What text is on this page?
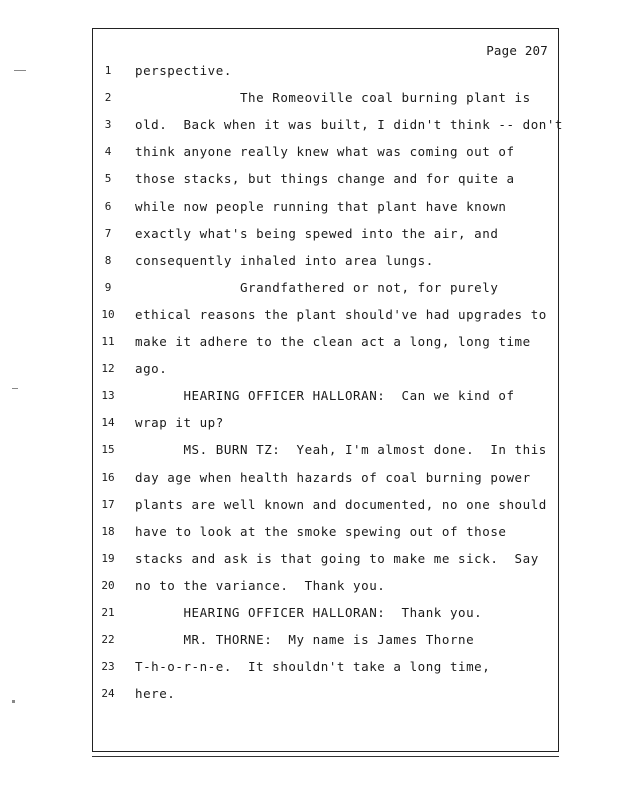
Page 207
1	perspective.
2	The Romeoville coal burning plant is
3	old.  Back when it was built, I didn't think -- don't
4	think anyone really knew what was coming out of
5	those stacks, but things change and for quite a
6	while now people running that plant have known
7	exactly what's being spewed into the air, and
8	consequently inhaled into area lungs.
9	Grandfathered or not, for purely
10	ethical reasons the plant should've had upgrades to
11	make it adhere to the clean act a long, long time
12	ago.
13	HEARING OFFICER HALLORAN:  Can we kind of
14	wrap it up?
15	MS. BURN TZ:  Yeah, I'm almost done.  In this
16	day age when health hazards of coal burning power
17	plants are well known and documented, no one should
18	have to look at the smoke spewing out of those
19	stacks and ask is that going to make me sick.  Say
20	no to the variance.  Thank you.
21	HEARING OFFICER HALLORAN:  Thank you.
22	MR. THORNE:  My name is James Thorne
23	T-h-o-r-n-e.  It shouldn't take a long time,
24	here.
